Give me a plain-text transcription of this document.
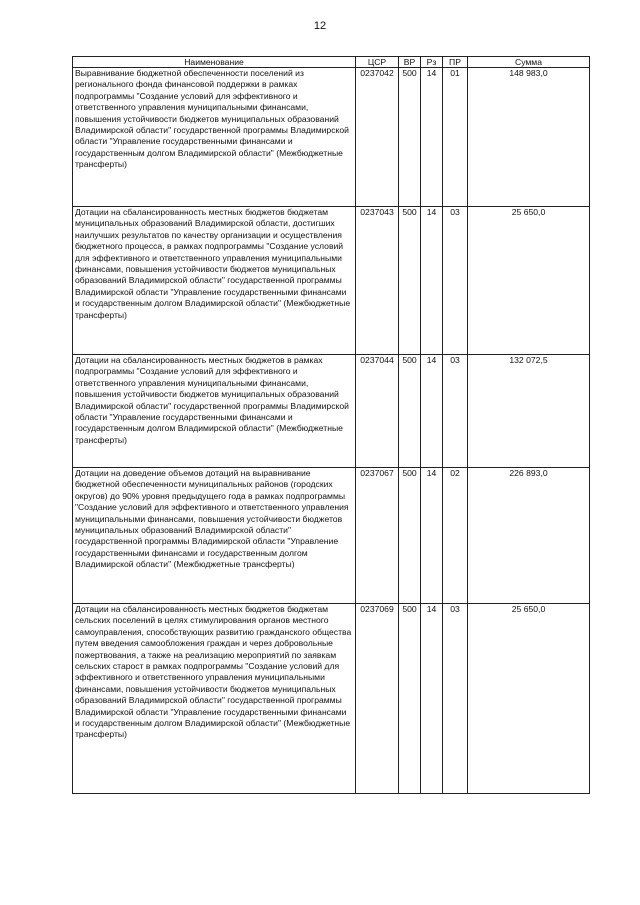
12
Наименование	ЦСР	ВР	Рз	ПР	Сумма
Выравнивание бюджетной обеспеченности поселений из регионального фонда финансовой поддержки в рамках подпрограммы "Создание условий для эффективного и ответственного управления муниципальными финансами, повышения устойчивости бюджетов муниципальных образований Владимирской области" государственной программы Владимирской области "Управление государственными финансами и государственным долгом Владимирской области" (Межбюджетные трансферты)	0237042	500	14	01	148 983,0
Дотации на сбалансированность местных бюджетов бюджетам муниципальных образований Владимирской области, достигших наилучших результатов по качеству организации и осуществления бюджетного процесса, в рамках подпрограммы "Создание условий для эффективного и ответственного управления муниципальными финансами, повышения устойчивости бюджетов муниципальных образований Владимирской области" государственной программы Владимирской области "Управление государственными финансами и государственным долгом Владимирской области" (Межбюджетные трансферты)	0237043	500	14	03	25 650,0
Дотации на сбалансированность местных бюджетов в рамках подпрограммы "Создание условий для эффективного и ответственного управления муниципальными финансами, повышения устойчивости бюджетов муниципальных образований Владимирской области" государственной программы Владимирской области "Управление государственными финансами и государственным долгом Владимирской области" (Межбюджетные трансферты)	0237044	500	14	03	132 072,5
Дотации на доведение объемов дотаций на выравнивание бюджетной обеспеченности муниципальных районов (городских округов) до 90% уровня предыдущего года в рамках подпрограммы "Создание условий для эффективного и ответственного управления муниципальными финансами, повышения устойчивости бюджетов муниципальных образований Владимирской области" государственной программы Владимирской области "Управление государственными финансами и государственным долгом Владимирской области" (Межбюджетные трансферты)	0237067	500	14	02	226 893,0
Дотации на сбалансированность местных бюджетов бюджетам сельских поселений в целях стимулирования органов местного самоуправления, способствующих развитию гражданского общества путем введения самообложения граждан и через добровольные пожертвования, а также на реализацию мероприятий по заявкам сельских старост в рамках подпрограммы "Создание условий для эффективного и ответственного управления муниципальными финансами, повышения устойчивости бюджетов муниципальных образований Владимирской области" государственной программы Владимирской области "Управление государственными финансами и государственным долгом Владимирской области" (Межбюджетные трансферты)	0237069	500	14	03	25 650,0
